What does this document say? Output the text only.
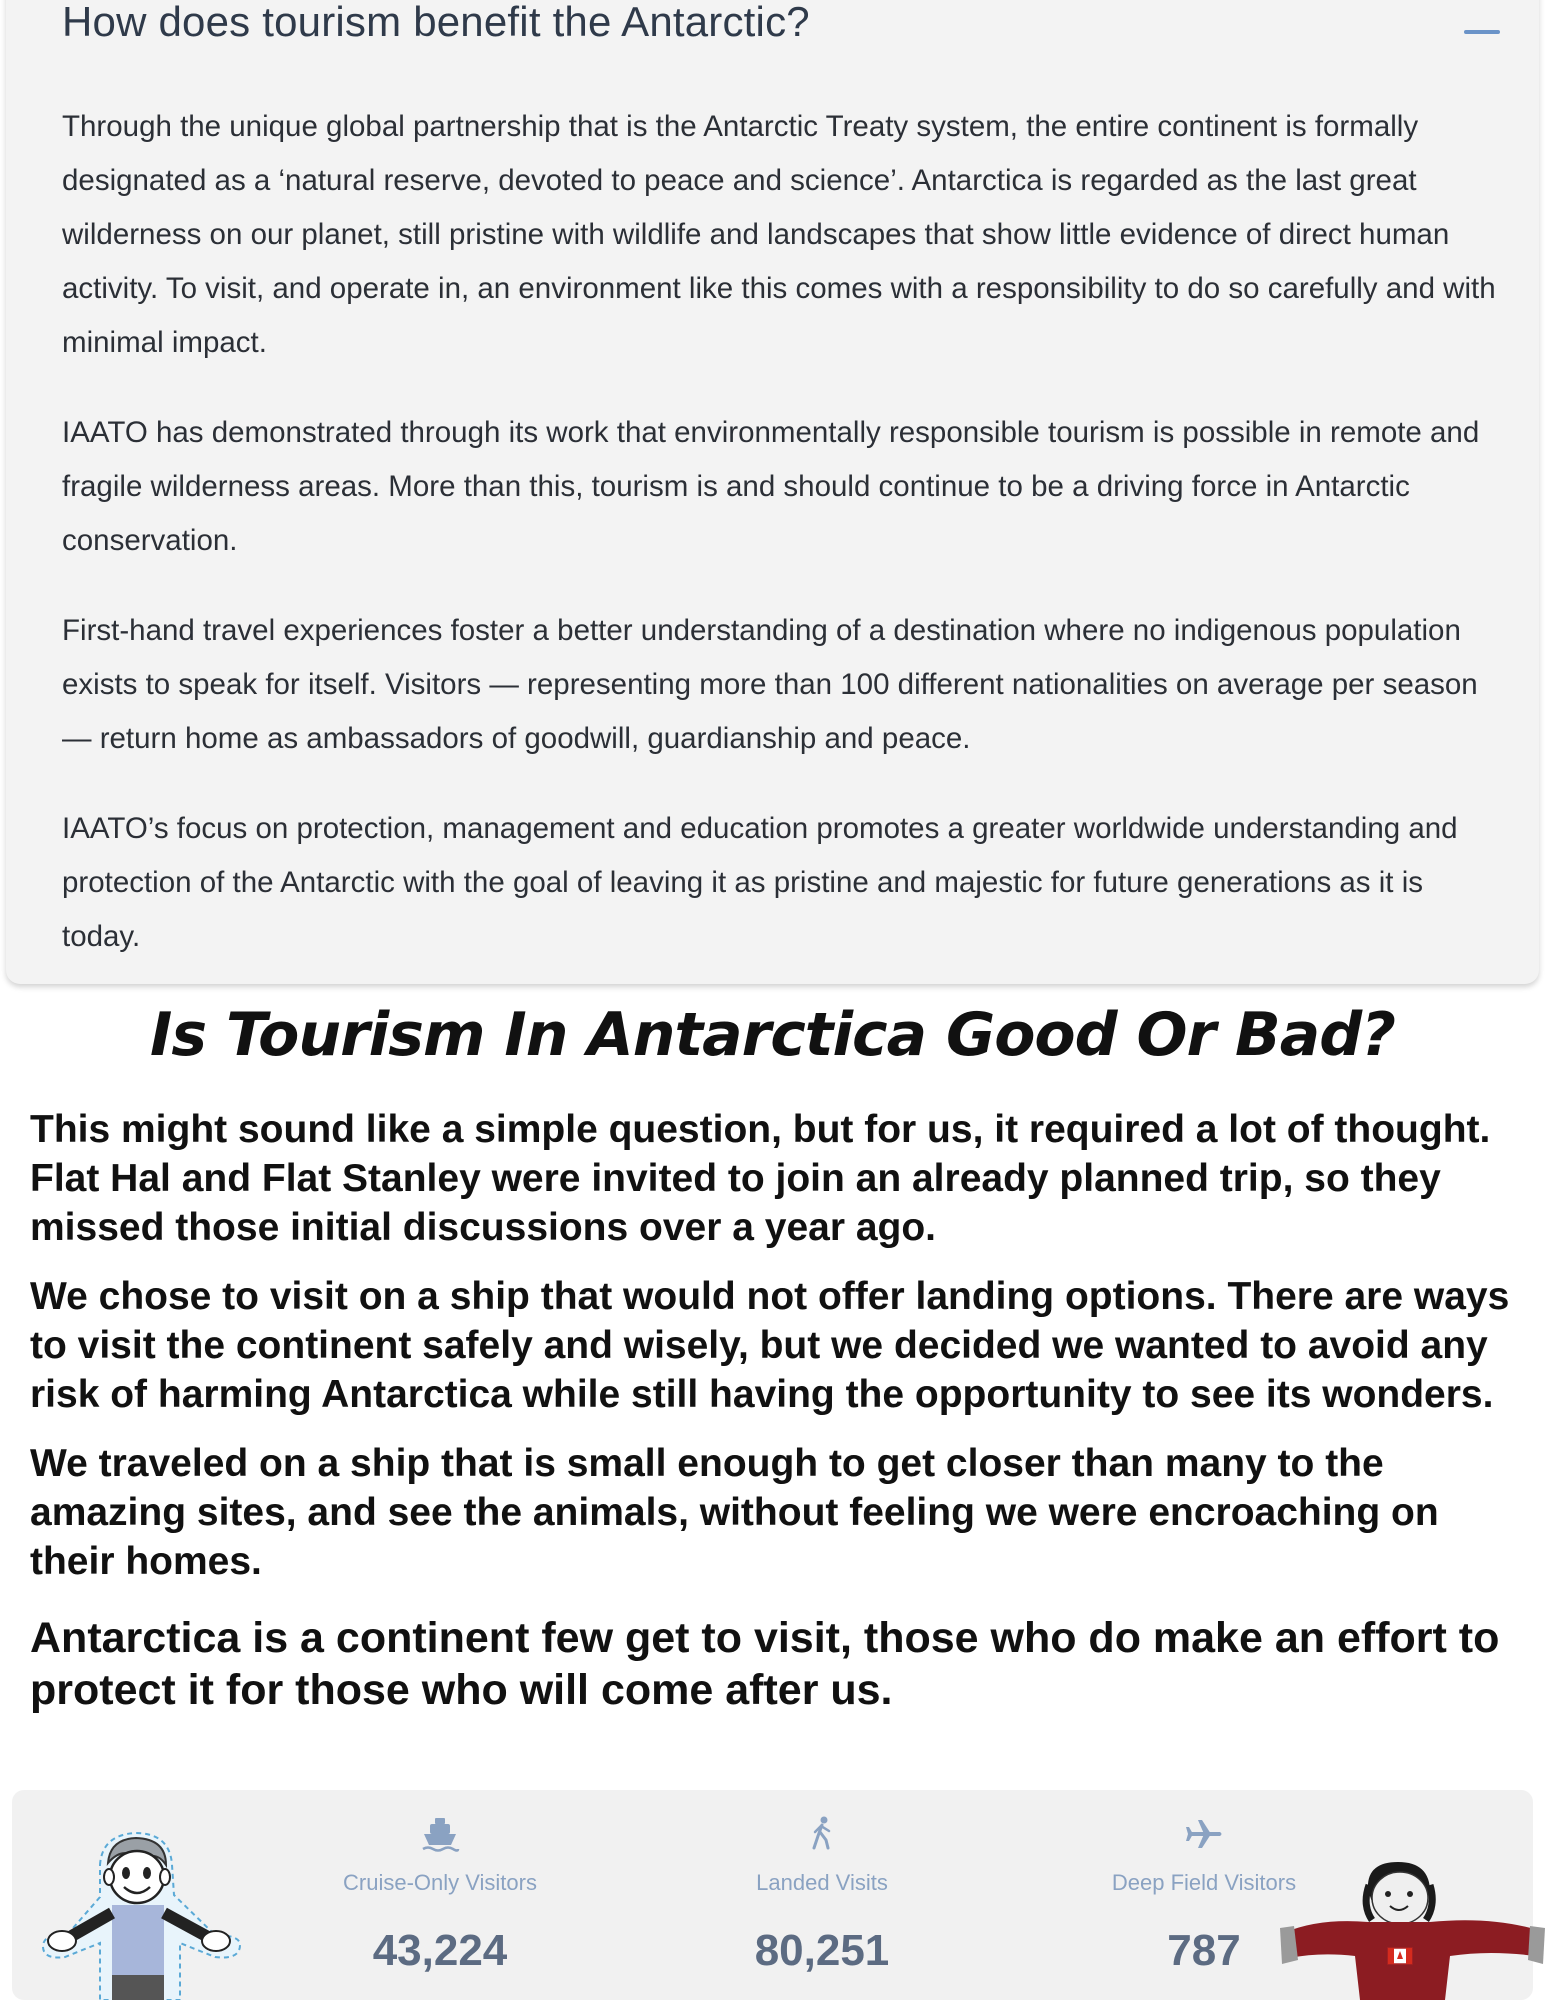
How does tourism benefit the Antarctic?

Through the unique global partnership that is the Antarctic Treaty system, the entire continent is formally designated as a ‘natural reserve, devoted to peace and science’. Antarctica is regarded as the last great wilderness on our planet, still pristine with wildlife and landscapes that show little evidence of direct human activity. To visit, and operate in, an environment like this comes with a responsibility to do so carefully and with minimal impact.

IAATO has demonstrated through its work that environmentally responsible tourism is possible in remote and fragile wilderness areas. More than this, tourism is and should continue to be a driving force in Antarctic conservation.

First-hand travel experiences foster a better understanding of a destination where no indigenous population exists to speak for itself. Visitors — representing more than 100 different nationalities on average per season — return home as ambassadors of goodwill, guardianship and peace.

IAATO’s focus on protection, management and education promotes a greater worldwide understanding and protection of the Antarctic with the goal of leaving it as pristine and majestic for future generations as it is today.

Is Tourism In Antarctica Good Or Bad?

This might sound like a simple question, but for us, it required a lot of thought. Flat Hal and Flat Stanley were invited to join an already planned trip, so they missed those initial discussions over a year ago.

We chose to visit on a ship that would not offer landing options. There are ways to visit the continent safely and wisely, but we decided we wanted to avoid any risk of harming Antarctica while still having the opportunity to see its wonders.

We traveled on a ship that is small enough to get closer than many to the amazing sites, and see the animals, without feeling we were encroaching on their homes.

Antarctica is a continent few get to visit, those who do make an effort to protect it for those who will come after us.

Cruise-Only Visitors
43,224
Landed Visits
80,251
Deep Field Visitors
787
